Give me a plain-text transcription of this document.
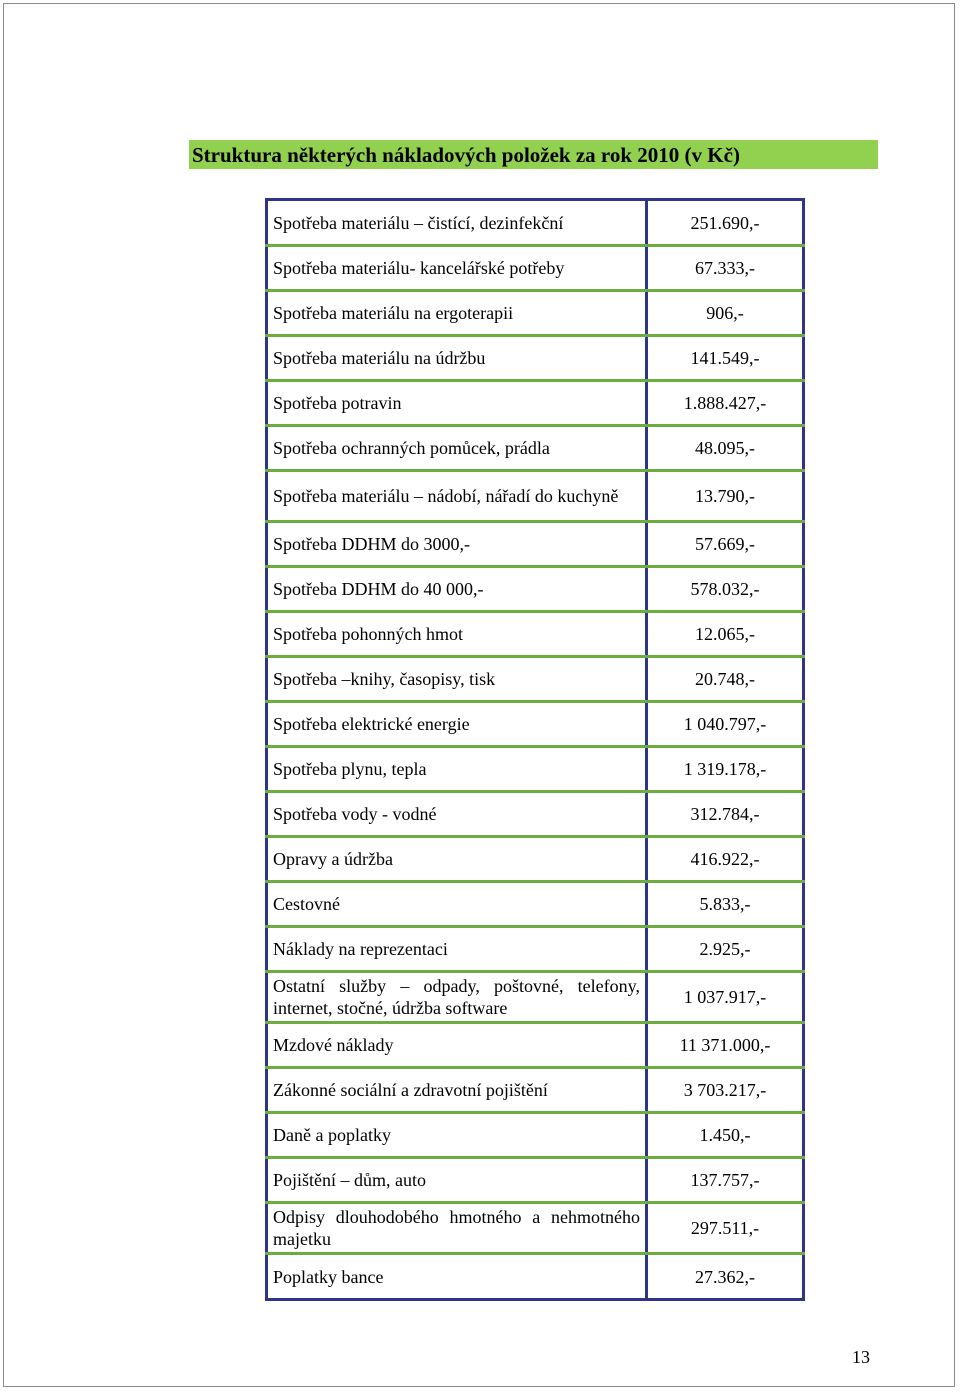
Struktura některých nákladových položek za rok 2010 (v Kč)
Spotřeba materiálu – čistící, dezinfekční	251.690,-
Spotřeba materiálu- kancelářské potřeby	67.333,-
Spotřeba materiálu na ergoterapii	906,-
Spotřeba materiálu na údržbu	141.549,-
Spotřeba potravin	1.888.427,-
Spotřeba ochranných pomůcek, prádla	48.095,-
Spotřeba materiálu – nádobí, nářadí do kuchyně	13.790,-
Spotřeba DDHM do 3000,-	57.669,-
Spotřeba DDHM do 40 000,-	578.032,-
Spotřeba pohonných hmot	12.065,-
Spotřeba –knihy, časopisy, tisk	20.748,-
Spotřeba elektrické energie	1 040.797,-
Spotřeba plynu, tepla	1 319.178,-
Spotřeba vody - vodné	312.784,-
Opravy a údržba	416.922,-
Cestovné	5.833,-
Náklady na reprezentaci	2.925,-
Ostatní služby – odpady, poštovné, telefony, internet, stočné, údržba software	1 037.917,-
Mzdové náklady	11 371.000,-
Zákonné sociální a zdravotní pojištění	3 703.217,-
Daně a poplatky	1.450,-
Pojištění – dům, auto	137.757,-
Odpisy dlouhodobého hmotného a nehmotného majetku	297.511,-
Poplatky bance	27.362,-
13
